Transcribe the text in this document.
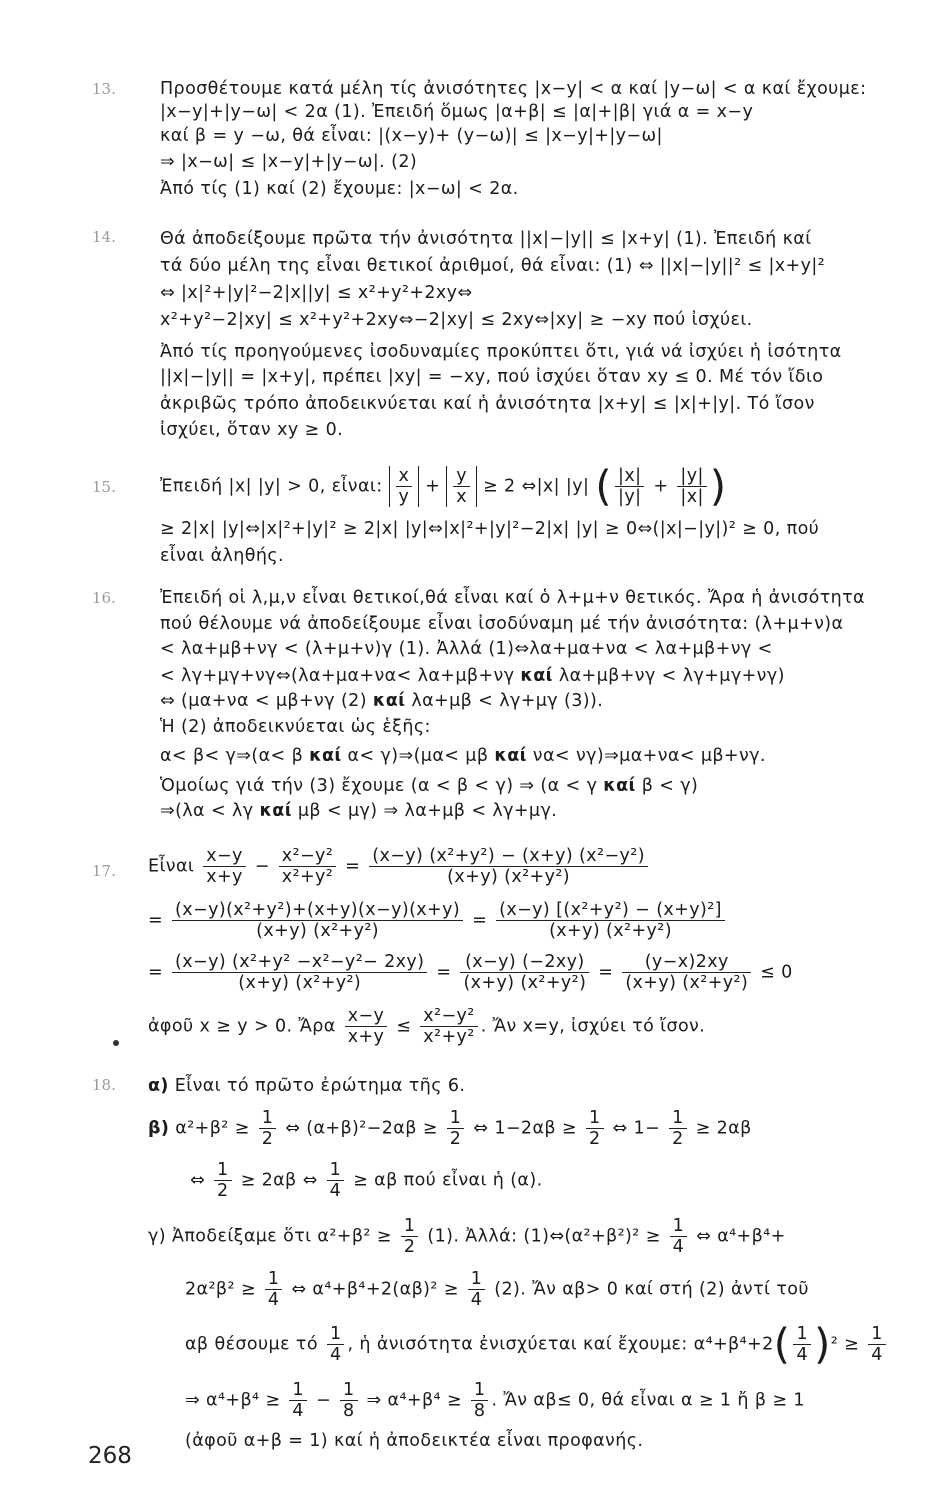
13.	Προσθέτουμε κατά μέλη τίς ἀνισότητες |x−y| < α καί |y−ω| < α καί ἔχουμε:
|x−y|+|y−ω| < 2α (1). Ἐπειδή ὅμως |α+β| ≤ |α|+|β| γιά α = x−y
καί β = y −ω, θά εἶναι: |(x−y)+ (y−ω)| ≤ |x−y|+|y−ω|
⇒ |x−ω| ≤ |x−y|+|y−ω|. (2)
Ἀπό τίς (1) καί (2) ἔχουμε: |x−ω| < 2α.
14.	Θά ἀποδείξουμε πρῶτα τήν ἀνισότητα ||x|−|y|| ≤ |x+y| (1). Ἐπειδή καί
τά δύο μέλη της εἶναι θετικοί ἀριθμοί, θά εἶναι: (1) ⇔ ||x|−|y||² ≤ |x+y|²
⇔ |x|²+|y|²−2|x||y| ≤ x²+y²+2xy⇔
x²+y²−2|xy| ≤ x²+y²+2xy⇔−2|xy| ≤ 2xy⇔|xy| ≥ −xy πού ἰσχύει.
Ἀπό τίς προηγούμενες ἰσοδυναμίες προκύπτει ὅτι, γιά νά ἰσχύει ἡ ἰσότητα
||x|−|y|| = |x+y|, πρέπει |xy| = −xy, πού ἰσχύει ὅταν xy ≤ 0. Μέ τόν ἴδιο
ἀκριβῶς τρόπο ἀποδεικνύεται καί ἡ ἀνισότητα |x+y| ≤ |x|+|y|. Τό ἴσον
ἰσχύει, ὅταν xy ≥ 0.
15.	Ἐπειδή |x| |y| > 0, εἶναι: $\frac{x}{y} + \frac{y}{x} \ge 2$ ⇔|x| |y| ( $\frac{|x|}{|y|} + \frac{|y|}{|x|}$ )
≥ 2|x| |y|⇔|x|²+|y|² ≥ 2|x| |y|⇔|x|²+|y|²−2|x| |y| ≥ 0⇔(|x|−|y|)² ≥ 0, πού
εἶναι ἀληθής.
16.	Ἐπειδή οἱ λ,μ,ν εἶναι θετικοί,θά εἶναι καί ὁ λ+μ+ν θετικός. Ἄρα ἡ ἀνισότητα
πού θέλουμε νά ἀποδείξουμε εἶναι ἰσοδύναμη μέ τήν ἀνισότητα: (λ+μ+ν)α
< λα+μβ+νγ < (λ+μ+ν)γ (1). Ἀλλά (1)⇔λα+μα+να < λα+μβ+νγ <
< λγ+μγ+νγ⇔(λα+μα+να< λα+μβ+νγ καί λα+μβ+νγ < λγ+μγ+νγ)
⇔ (μα+να < μβ+νγ (2) καί λα+μβ < λγ+μγ (3)).
Ἡ (2) ἀποδεικνύεται ὡς ἑξῆς:
α< β< γ⇒(α< β καί α< γ)⇒(μα< μβ καί να< νγ)⇒μα+να< μβ+νγ.
Ὁμοίως γιά τήν (3) ἔχουμε (α < β < γ) ⇒ (α < γ καί β < γ)
⇒(λα < λγ καί μβ < μγ) ⇒ λα+μβ < λγ+μγ.
17.	Εἶναι $\frac{x-y}{x+y} - \frac{\text{x²−y²}}{\text{x²+y²}} = \frac{\text{(x−y) (x²+y²) − (x+y) (x²−y²)}}{\text{(x+y) (x²+y²)}}$
= $\frac{\text{(x−y)(x²+y²)+(x+y)(x−y)(x+y)}}{\text{(x+y) (x²+y²)}} = \frac{\text{(x−y) [(x²+y²) − (x+y)²]}}{\text{(x+y) (x²+y²)}}$
= $\frac{\text{(x−y) (x²+y² −x²−y²− 2xy)}}{\text{(x+y) (x²+y²)}} = \frac{(x-y) (-2xy)}{\text{(x+y) (x²+y²)}} = \frac{(y-x)2xy}{\text{(x+y) (x²+y²)}} \le 0$
ἀφοῦ x ≥ y > 0. Ἄρα $\frac{x-y}{x+y} \le \frac{\text{x²−y²}}{\text{x²+y²}}$ . Ἄν x=y, ἰσχύει τό ἴσον.
18.	α) Εἶναι τό πρῶτο ἐρώτημα τῆς 6.
β) $\alpha^2+\beta^2 \ge \frac{1}{2}$ ⇔ $(\alpha+\beta)^2-2\alpha\beta \ge \frac{1}{2}$ ⇔ $1-2\alpha\beta \ge \frac{1}{2}$ ⇔ $1- \frac{1}{2} \ge 2\alpha\beta$
⇔ $\frac{1}{2} \ge 2\alpha\beta$ ⇔ $\frac{1}{4} \ge \alpha\beta$ πού εἶναι ἡ (α).
γ) Ἀποδείξαμε ὅτι $\alpha^2+\beta^2 \ge \frac{1}{2} (1)$. Ἀλλά: (1)⇔(α²+β²)² ≥ $\frac{1}{4}$ ⇔ α⁴+β⁴+
$2\alpha^2\beta^2 \ge \frac{1}{4}$ ⇔ $\alpha^4+\beta^4+2(\alpha\beta)^2 \ge \frac{1}{4} (2)$. Ἄν αβ> 0 καί στή (2) ἀντί τοῦ
αβ θέσουμε τό $\frac{1}{4}$ , ἡ ἀνισότητα ἐνισχύεται καί ἔχουμε: $\alpha^4+\beta^4+2( \frac{1}{4} )^2 \ge \frac{1}{4}$
⇒ $\alpha^4+\beta^4 \ge \frac{1}{4} - \frac{1}{8}$ ⇒ $\alpha^4+\beta^4 \ge \frac{1}{8}$ . Ἄν αβ≤ 0, θά εἶναι α ≥ 1 ἤ β ≥ 1
(ἀφοῦ α+β = 1) καί ἡ ἀποδεικτέα εἶναι προφανής.
268
